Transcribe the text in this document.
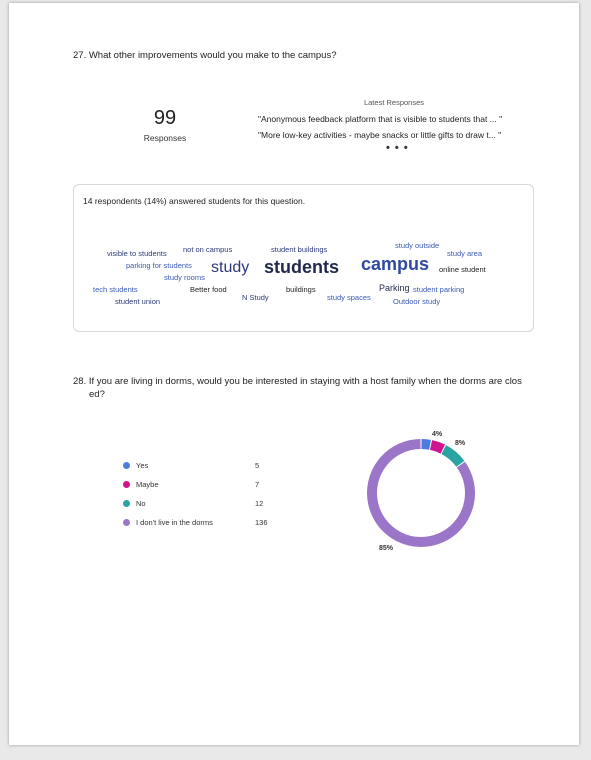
27. What other improvements would you make to the campus?
99
Responses
Latest Responses
"Anonymous feedback platform that is visible to students that ... "
"More low-key activities - maybe snacks or little gifts to draw t... "
• • •
14 respondents (14%) answered students for this question.
visible to students not on campus	student buildings	study outside
study area
parking for students study students campus online student
study rooms
tech students	Better food	buildings	Parking student parking
student union	N Study	study spaces	Outdoor study
28. If you are living in dorms, would you be interested in staying with a host family when the dorms are clos
ed?
Yes	5
Maybe	7
No	12
I don't live in the dorms	136
4%
8%
85%
